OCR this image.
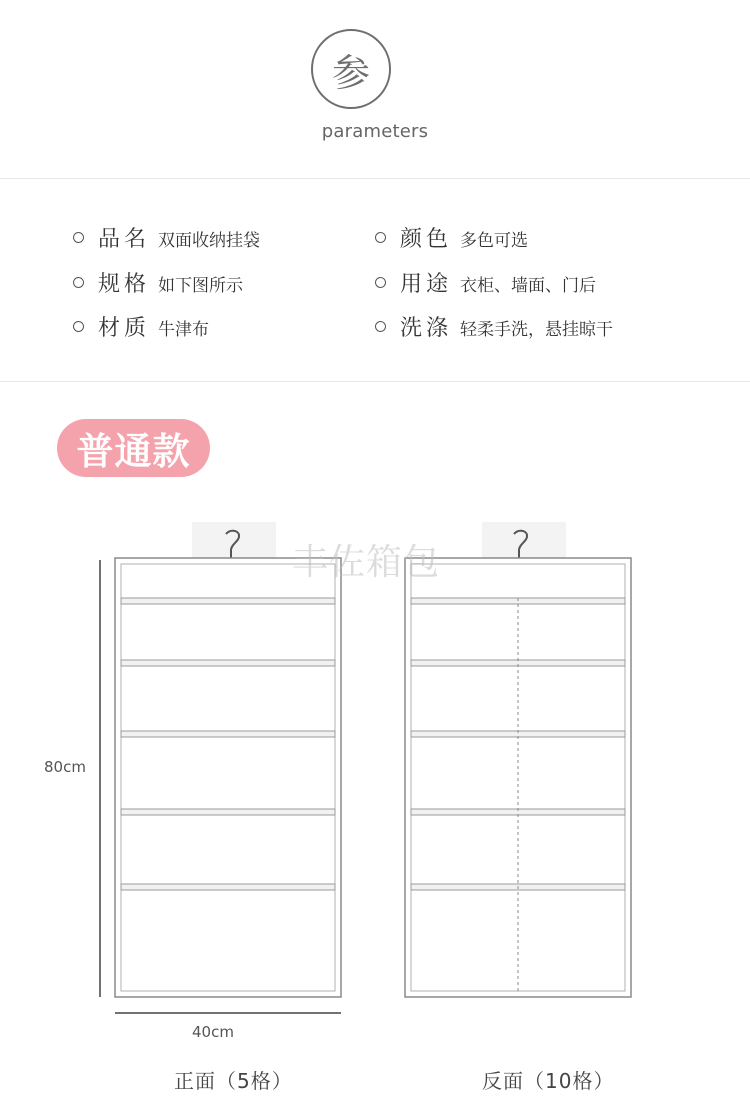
参
parameters
品名 双面收纳挂袋
规格 如下图所示
材质 牛津布
颜色 多色可选
用途 衣柜、墙面、门后
洗涤 轻柔手洗，悬挂晾干
普通款
丰佐箱包
80cm
40cm
正面（5格）	反面（10格）
